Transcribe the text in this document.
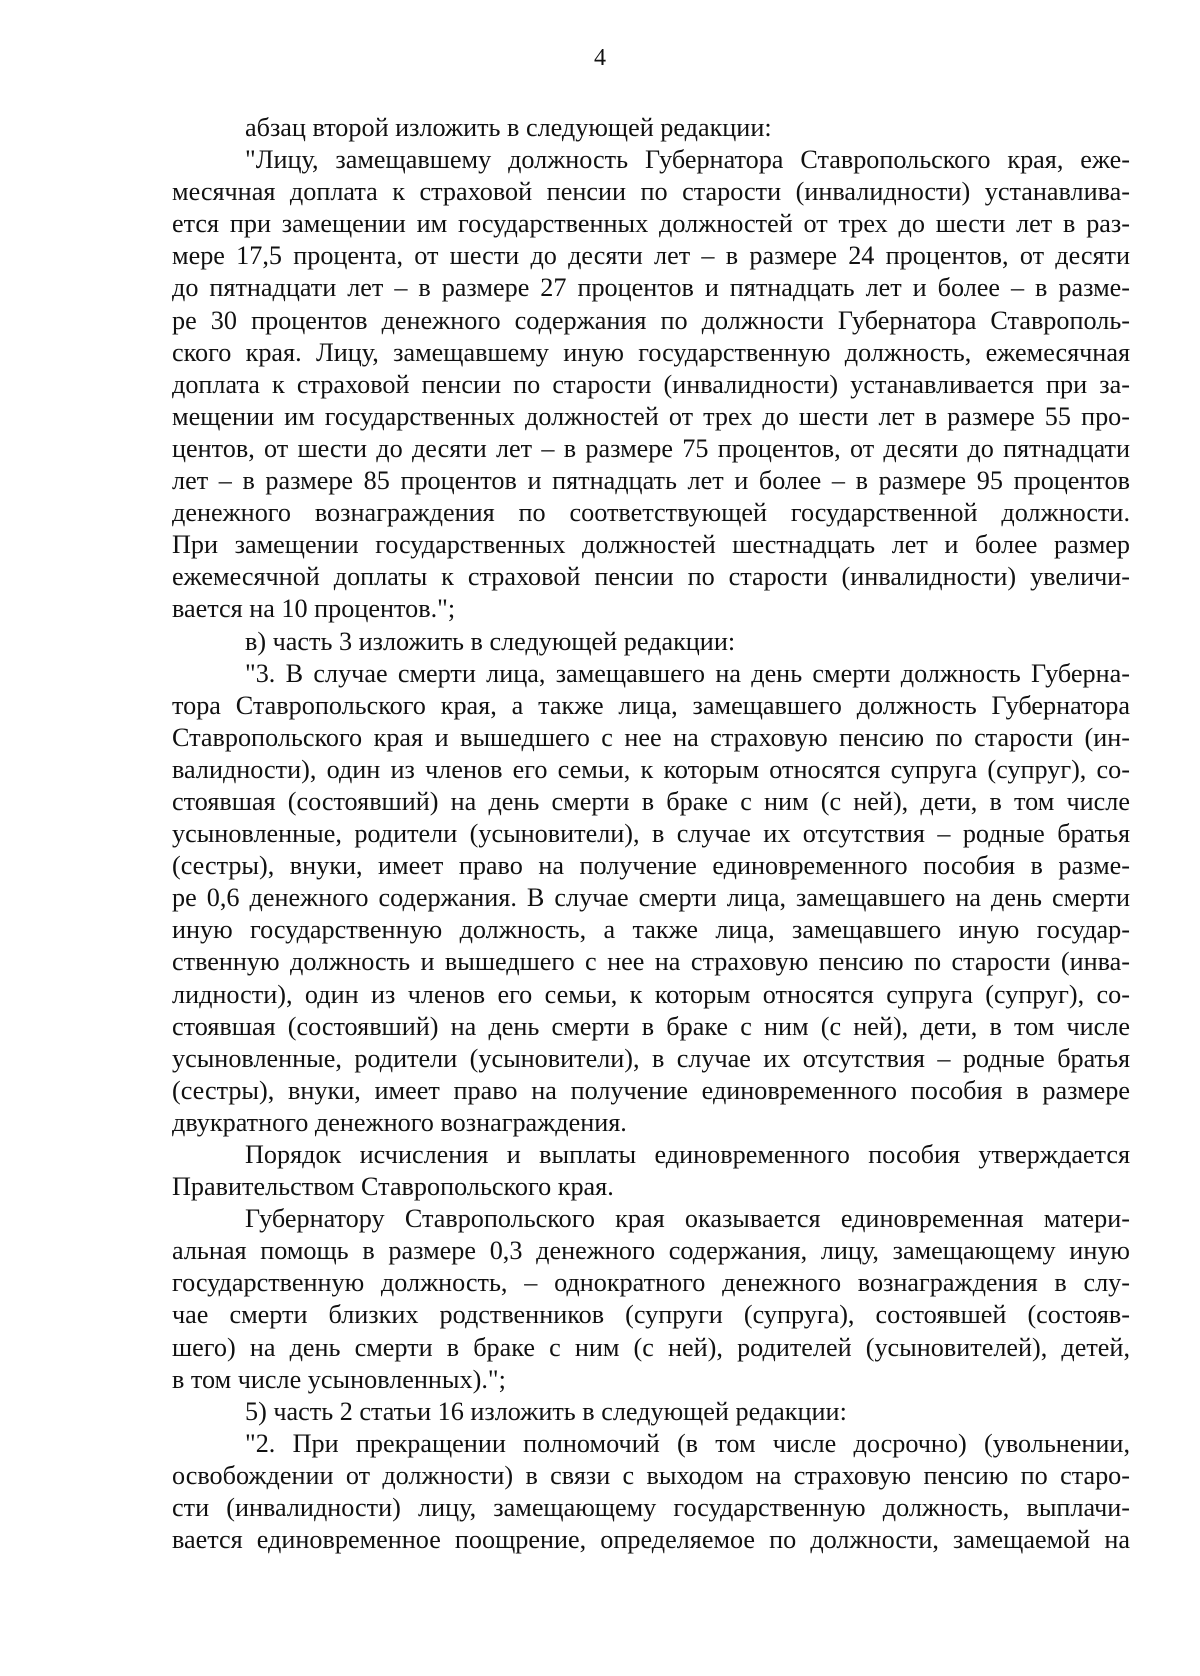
4
абзац второй изложить в следующей редакции:
"Лицу, замещавшему должность Губернатора Ставропольского края, еже-
месячная доплата к страховой пенсии по старости (инвалидности) устанавлива-
ется при замещении им государственных должностей от трех до шести лет в раз-
мере 17,5 процента, от шести до десяти лет – в размере 24 процентов, от десяти
до пятнадцати лет – в размере 27 процентов и пятнадцать лет и более – в разме-
ре 30 процентов денежного содержания по должности Губернатора Ставрополь-
ского края. Лицу, замещавшему иную государственную должность, ежемесячная
доплата к страховой пенсии по старости (инвалидности) устанавливается при за-
мещении им государственных должностей от трех до шести лет в размере 55 про-
центов, от шести до десяти лет – в размере 75 процентов, от десяти до пятнадцати
лет – в размере 85 процентов и пятнадцать лет и более – в размере 95 процентов
денежного вознаграждения по соответствующей государственной должности.
При замещении государственных должностей шестнадцать лет и более размер
ежемесячной доплаты к страховой пенсии по старости (инвалидности) увеличи-
вается на 10 процентов.";
в) часть 3 изложить в следующей редакции:
"3. В случае смерти лица, замещавшего на день смерти должность Губерна-
тора Ставропольского края, а также лица, замещавшего должность Губернатора
Ставропольского края и вышедшего с нее на страховую пенсию по старости (ин-
валидности), один из членов его семьи, к которым относятся супруга (супруг), со-
стоявшая (состоявший) на день смерти в браке с ним (с ней), дети, в том числе
усыновленные, родители (усыновители), в случае их отсутствия – родные братья
(сестры), внуки, имеет право на получение единовременного пособия в разме-
ре 0,6 денежного содержания. В случае смерти лица, замещавшего на день смерти
иную государственную должность, а также лица, замещавшего иную государ-
ственную должность и вышедшего с нее на страховую пенсию по старости (инва-
лидности), один из членов его семьи, к которым относятся супруга (супруг), со-
стоявшая (состоявший) на день смерти в браке с ним (с ней), дети, в том числе
усыновленные, родители (усыновители), в случае их отсутствия – родные братья
(сестры), внуки, имеет право на получение единовременного пособия в размере
двукратного денежного вознаграждения.
Порядок исчисления и выплаты единовременного пособия утверждается
Правительством Ставропольского края.
Губернатору Ставропольского края оказывается единовременная матери-
альная помощь в размере 0,3 денежного содержания, лицу, замещающему иную
государственную должность, – однократного денежного вознаграждения в слу-
чае смерти близких родственников (супруги (супруга), состоявшей (состояв-
шего) на день смерти в браке с ним (с ней), родителей (усыновителей), детей,
в том числе усыновленных).";
5) часть 2 статьи 16 изложить в следующей редакции:
"2. При прекращении полномочий (в том числе досрочно) (увольнении,
освобождении от должности) в связи с выходом на страховую пенсию по старо-
сти (инвалидности) лицу, замещающему государственную должность, выплачи-
вается единовременное поощрение, определяемое по должности, замещаемой на
